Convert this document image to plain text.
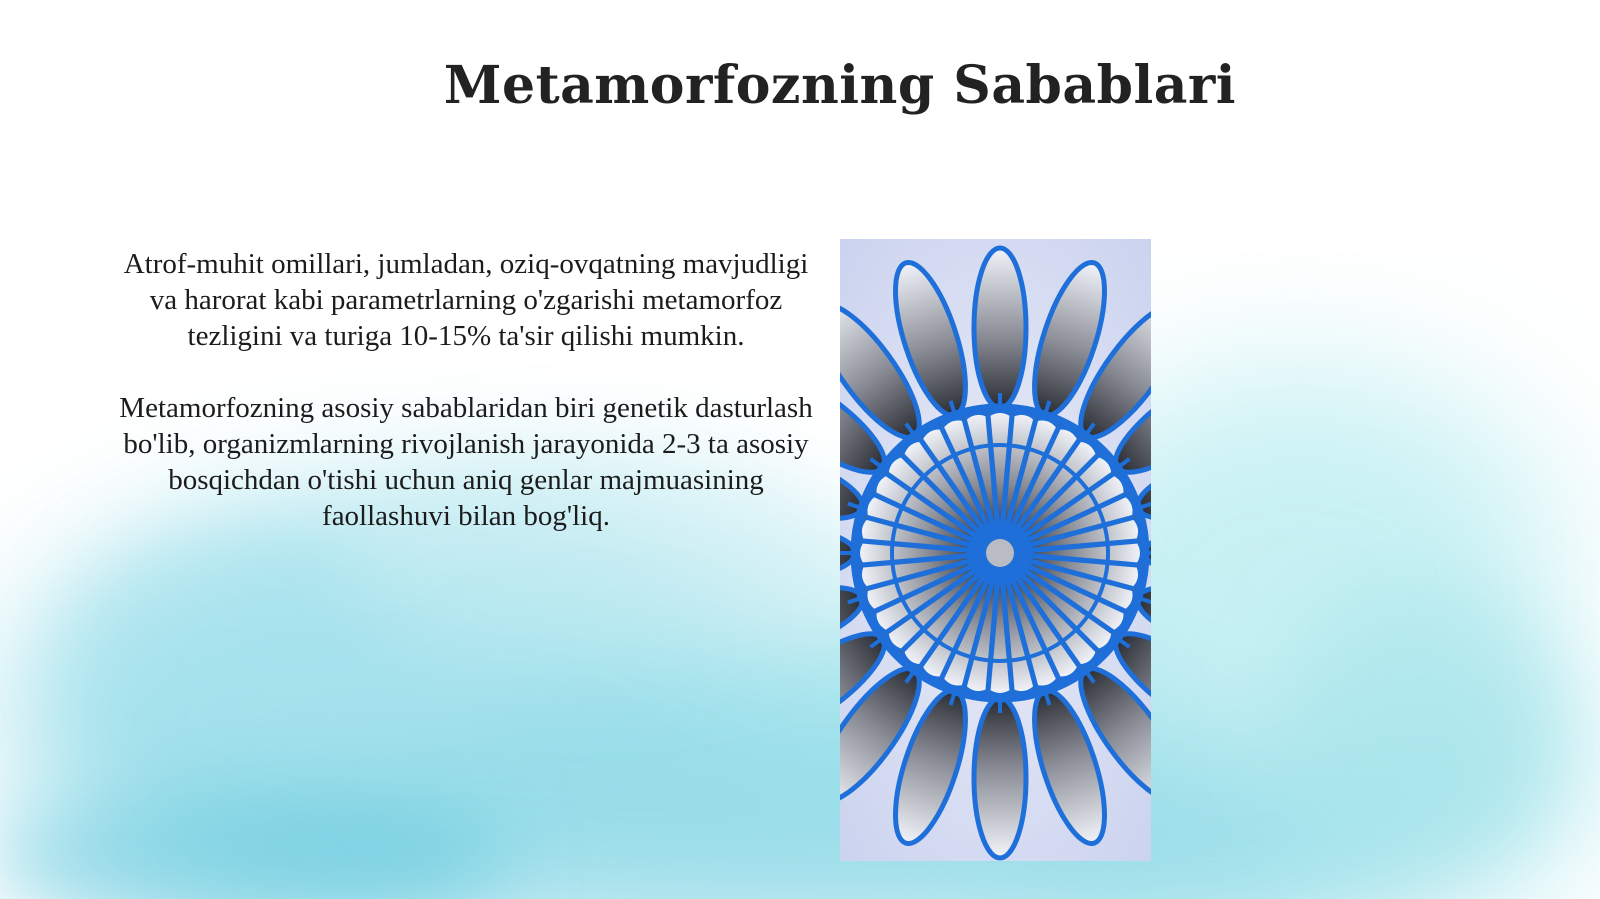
Metamorfozning Sabablari

Atrof-muhit omillari, jumladan, oziq-ovqatning mavjudligi va harorat kabi parametrlarning o'zgarishi metamorfoz tezligini va turiga 10-15% ta'sir qilishi mumkin.

Metamorfozning asosiy sabablaridan biri genetik dasturlash bo'lib, organizmlarning rivojlanish jarayonida 2-3 ta asosiy bosqichdan o'tishi uchun aniq genlar majmuasining faollashuvi bilan bog'liq.
